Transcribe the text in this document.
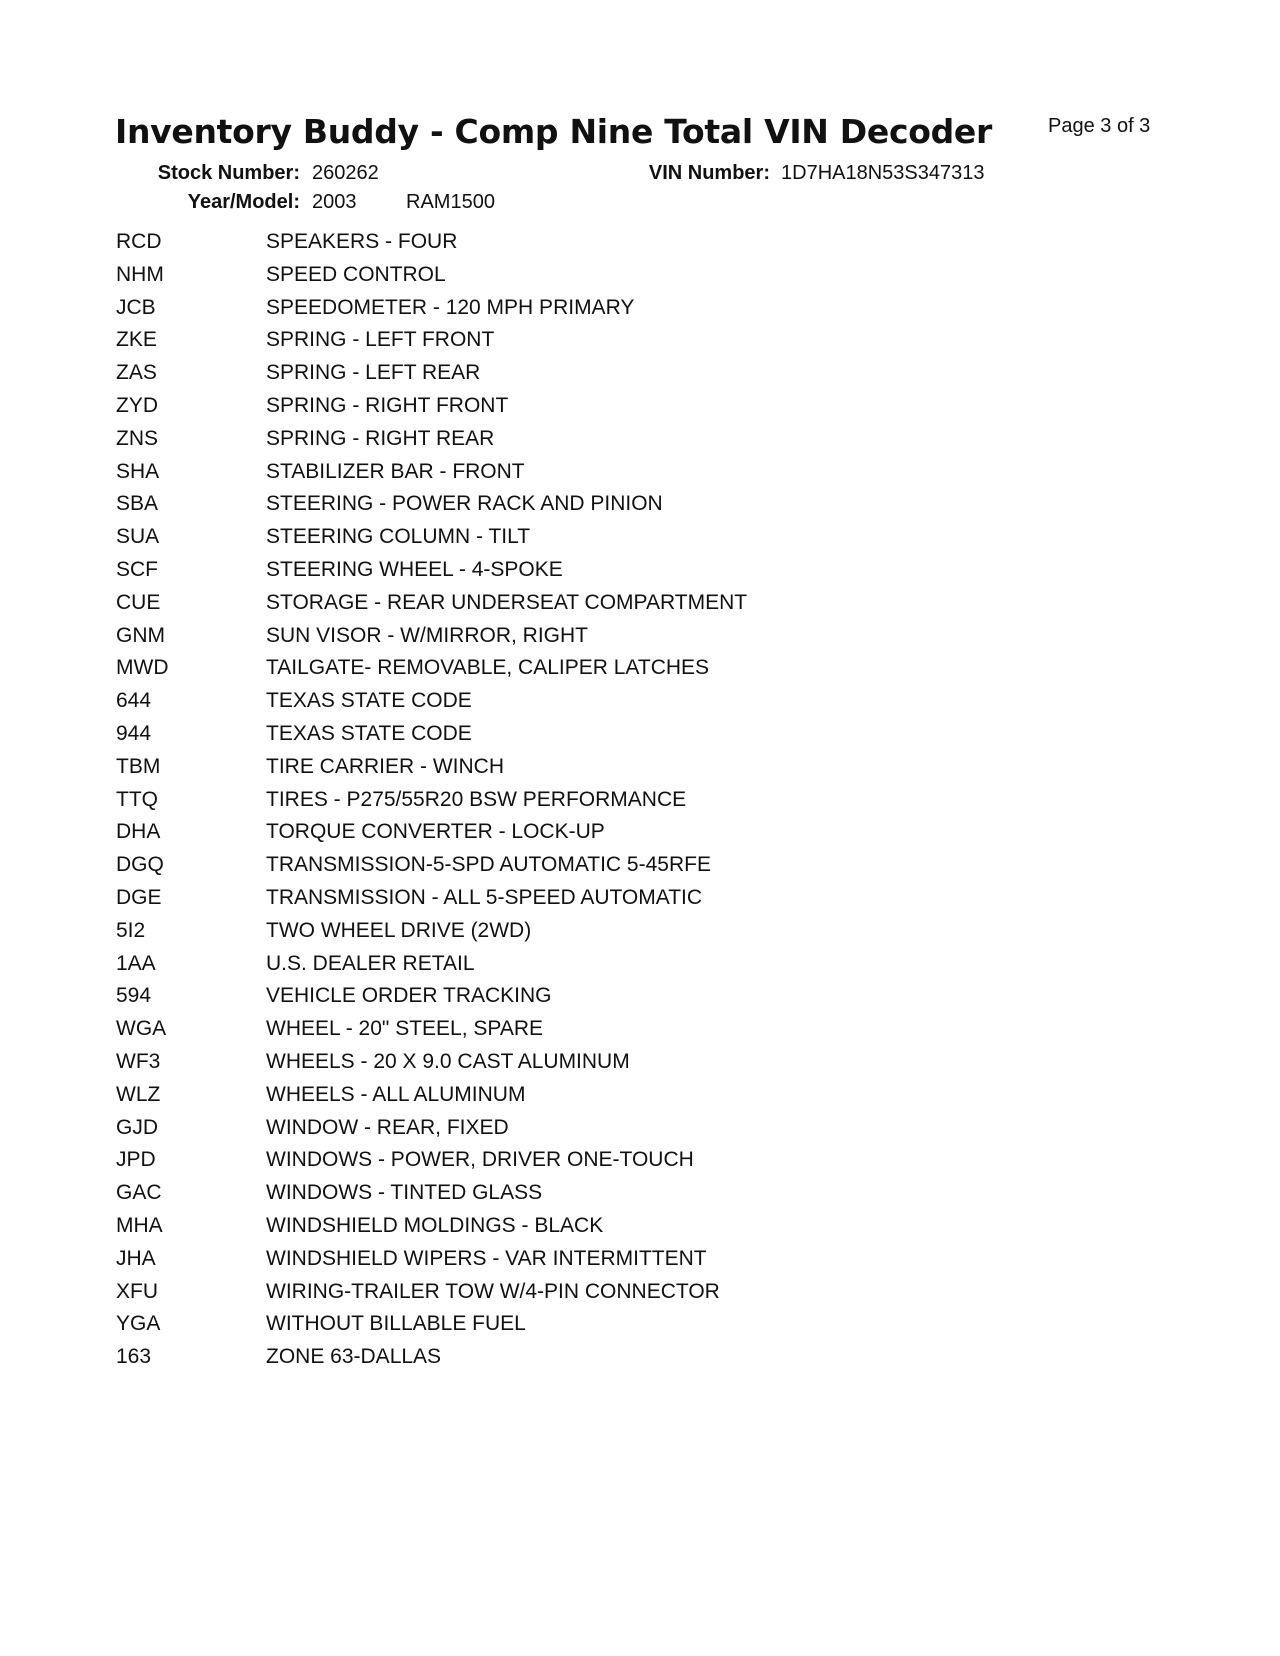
Inventory Buddy - Comp Nine Total VIN Decoder	Page 3 of 3
Stock Number: 260262	VIN Number: 1D7HA18N53S347313
Year/Model: 2003 RAM1500
RCD	SPEAKERS - FOUR
NHM	SPEED CONTROL
JCB	SPEEDOMETER - 120 MPH PRIMARY
ZKE	SPRING - LEFT FRONT
ZAS	SPRING - LEFT REAR
ZYD	SPRING - RIGHT FRONT
ZNS	SPRING - RIGHT REAR
SHA	STABILIZER BAR - FRONT
SBA	STEERING - POWER RACK AND PINION
SUA	STEERING COLUMN - TILT
SCF	STEERING WHEEL - 4-SPOKE
CUE	STORAGE - REAR UNDERSEAT COMPARTMENT
GNM	SUN VISOR - W/MIRROR, RIGHT
MWD	TAILGATE- REMOVABLE, CALIPER LATCHES
644	TEXAS STATE CODE
944	TEXAS STATE CODE
TBM	TIRE CARRIER - WINCH
TTQ	TIRES - P275/55R20 BSW PERFORMANCE
DHA	TORQUE CONVERTER - LOCK-UP
DGQ	TRANSMISSION-5-SPD AUTOMATIC 5-45RFE
DGE	TRANSMISSION - ALL 5-SPEED AUTOMATIC
5I2	TWO WHEEL DRIVE (2WD)
1AA	U.S. DEALER RETAIL
594	VEHICLE ORDER TRACKING
WGA	WHEEL - 20" STEEL, SPARE
WF3	WHEELS - 20 X 9.0 CAST ALUMINUM
WLZ	WHEELS - ALL ALUMINUM
GJD	WINDOW - REAR, FIXED
JPD	WINDOWS - POWER, DRIVER ONE-TOUCH
GAC	WINDOWS - TINTED GLASS
MHA	WINDSHIELD MOLDINGS - BLACK
JHA	WINDSHIELD WIPERS - VAR INTERMITTENT
XFU	WIRING-TRAILER TOW W/4-PIN CONNECTOR
YGA	WITHOUT BILLABLE FUEL
163	ZONE 63-DALLAS
